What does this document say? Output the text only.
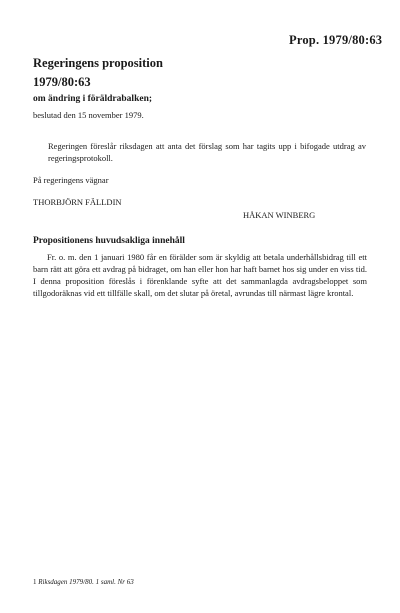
Prop. 1979/80:63
Regeringens proposition
1979/80:63
om ändring i föräldrabalken;
beslutad den 15 november 1979.
Regeringen föreslår riksdagen att anta det förslag som har tagits upp i bifogade utdrag av regeringsprotokoll.
På regeringens vägnar
THORBJÖRN FÄLLDIN
HÅKAN WINBERG
Propositionens huvudsakliga innehåll
Fr. o. m. den 1 januari 1980 får en förälder som är skyldig att betala underhållsbidrag till ett barn rätt att göra ett avdrag på bidraget, om han eller hon har haft barnet hos sig under en viss tid. I denna proposition föreslås i förenklande syfte att det sammanlagda avdragsbeloppet som tillgodoräknas vid ett tillfälle skall, om det slutar på öretal, avrundas till närmast lägre krontal.
1 Riksdagen 1979/80. 1 saml. Nr 63
